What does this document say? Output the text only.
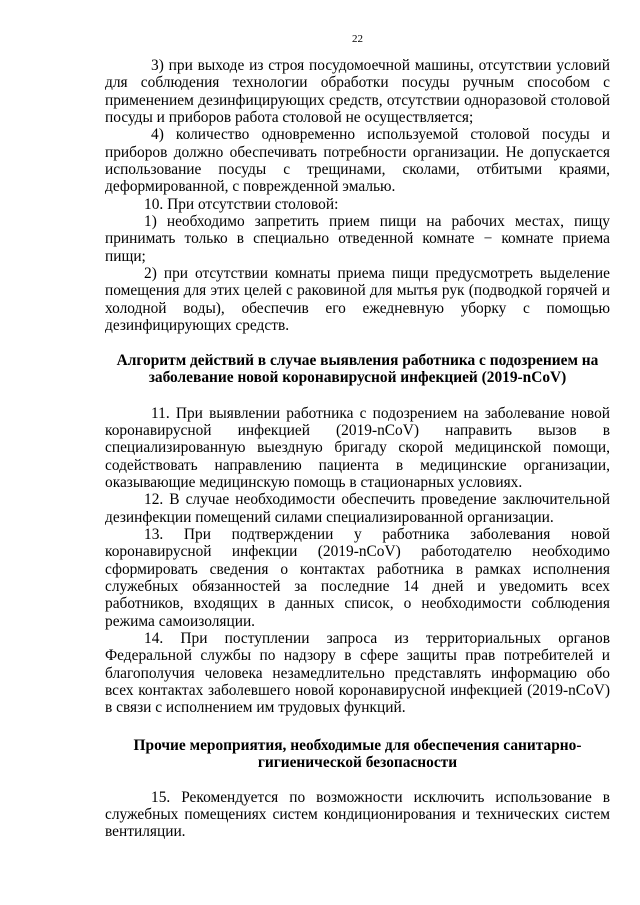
22

3) при выходе из строя посудомоечной машины, отсутствии условий для соблюдения технологии обработки посуды ручным способом с применением дезинфицирующих средств, отсутствии одноразовой столовой посуды и приборов работа столовой не осуществляется;

4) количество одновременно используемой столовой посуды и приборов должно обеспечивать потребности организации. Не допускается использование посуды с трещинами, сколами, отбитыми краями, деформированной, с поврежденной эмалью.

10. При отсутствии столовой:

1) необходимо запретить прием пищи на рабочих местах, пищу принимать только в специально отведенной комнате − комнате приема пищи;

2) при отсутствии комнаты приема пищи предусмотреть выделение помещения для этих целей с раковиной для мытья рук (подводкой горячей и холодной воды), обеспечив его ежедневную уборку с помощью дезинфицирующих средств.

Алгоритм действий в случае выявления работника с подозрением на заболевание новой коронавирусной инфекцией (2019-nCoV)

11. При выявлении работника с подозрением на заболевание новой коронавирусной инфекцией (2019-nCoV) направить вызов в специализированную выездную бригаду скорой медицинской помощи, содействовать направлению пациента в медицинские организации, оказывающие медицинскую помощь в стационарных условиях.

12. В случае необходимости обеспечить проведение заключительной дезинфекции помещений силами специализированной организации.

13. При подтверждении у работника заболевания новой коронавирусной инфекции (2019-nCoV) работодателю необходимо сформировать сведения о контактах работника в рамках исполнения служебных обязанностей за последние 14 дней и уведомить всех работников, входящих в данных список, о необходимости соблюдения режима самоизоляции.

14. При поступлении запроса из территориальных органов Федеральной службы по надзору в сфере защиты прав потребителей и благополучия человека незамедлительно представлять информацию обо всех контактах заболевшего новой коронавирусной инфекцией (2019-nCoV) в связи с исполнением им трудовых функций.

Прочие мероприятия, необходимые для обеспечения санитарно-гигиенической безопасности

15. Рекомендуется по возможности исключить использование в служебных помещениях систем кондиционирования и технических систем вентиляции.
